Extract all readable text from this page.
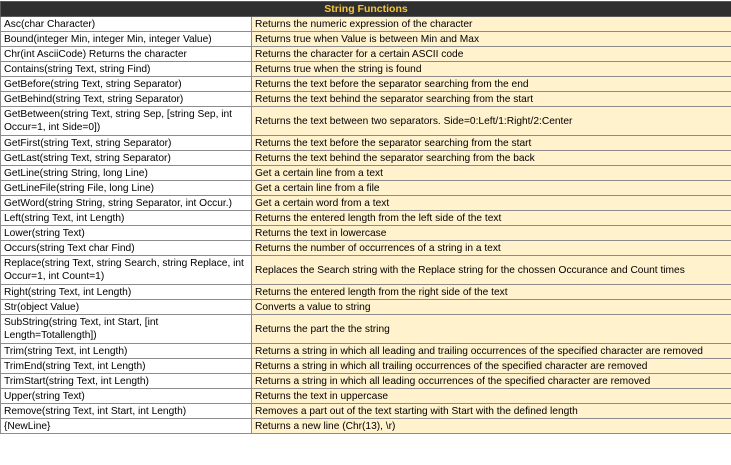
String Functions	
Asc(char Character)	Returns the numeric expression of the character
Bound(integer Min, integer Min, integer Value)	Returns true when Value is between Min and Max
Chr(int AsciiCode) Returns the character	Returns the character for a certain ASCII code
Contains(string Text, string Find)	Returns true when the string is found
GetBefore(string Text, string Separator)	Returns the text before the separator searching from the end
GetBehind(string Text, string Separator)	Returns the text behind the separator searching from the start
GetBetween(string Text, string Sep, [string Sep, int Occur=1, int Side=0])	Returns the text between two separators. Side=0:Left/1:Right/2:Center
GetFirst(string Text, string Separator)	Returns the text before the separator searching from the start
GetLast(string Text, string Separator)	Returns the text behind the separator searching from the back
GetLine(string String, long Line)	Get a certain line from a text
GetLineFile(string File, long Line)	Get a certain line from a file
GetWord(string String, string Separator, int Occur.)	Get a certain word from a text
Left(string Text, int Length)	Returns the entered length from the left side of the text
Lower(string Text)	Returns the text in lowercase
Occurs(string Text char Find)	Returns the number of occurrences of a string in a text
Replace(string Text, string Search, string Replace, int Occur=1, int Count=1)	Replaces the Search string with the Replace string for the chossen Occurance and Count times
Right(string Text, int Length)	Returns the entered length from the right side of the text
Str(object Value)	Converts a value to string
SubString(string Text, int Start, [int Length=Totallength])	Returns the part the the string
Trim(string Text, int Length)	Returns a string in which all leading and trailing occurrences of the specified character are removed
TrimEnd(string Text, int Length)	Returns a string in which all trailing occurrences of the specified character are removed
TrimStart(string Text, int Length)	Returns a string in which all leading occurrences of the specified character are removed
Upper(string Text)	Returns the text in uppercase
Remove(string Text, int Start, int Length)	Removes a part out of the text starting with Start with the defined length
{NewLine}	Returns a new line (Chr(13), \r)
